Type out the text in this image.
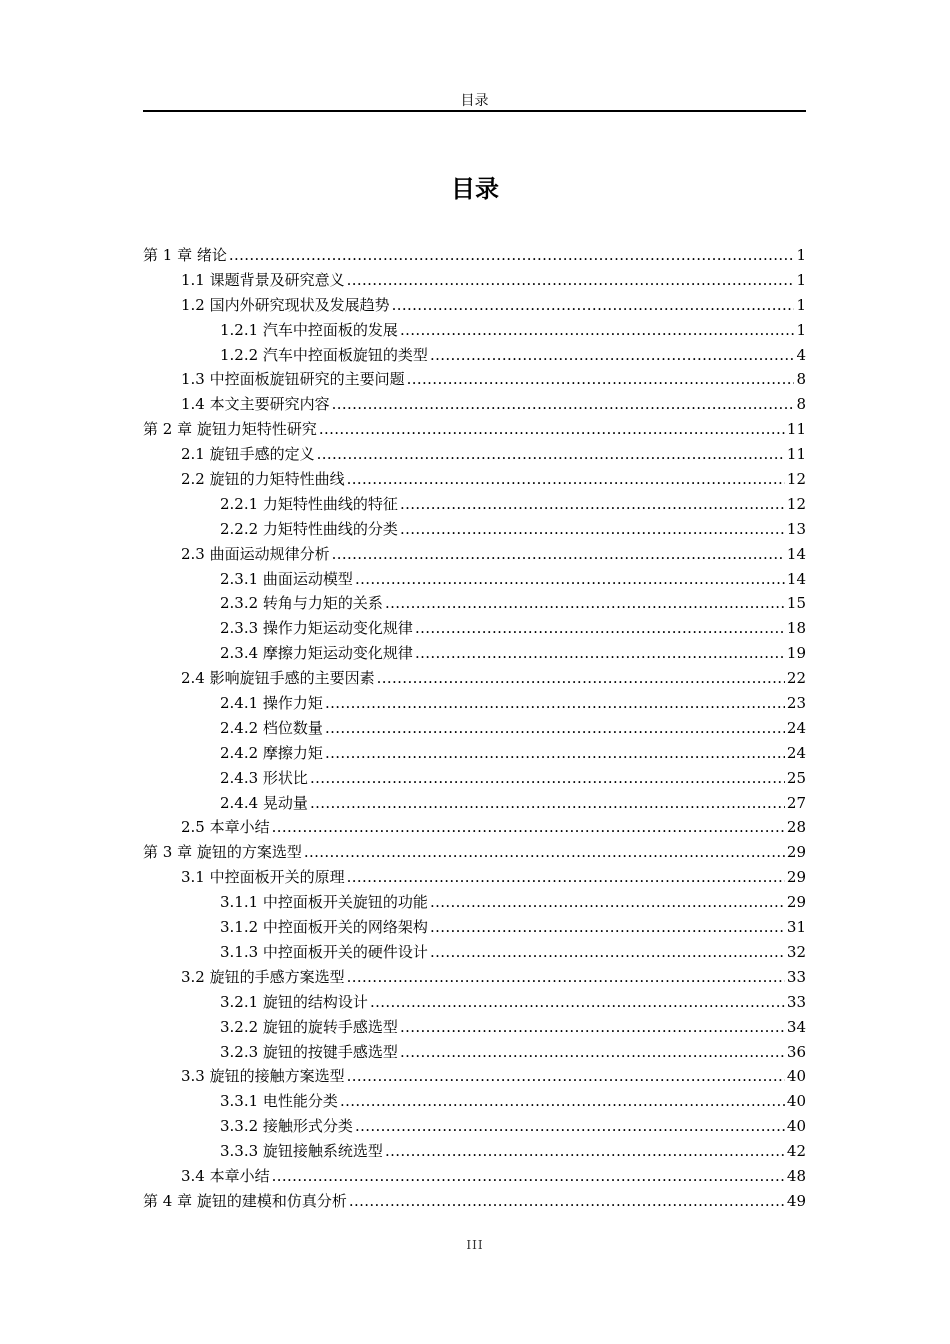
目录
目录
第 1 章 绪论 . . .	1
1.1 课题背景及研究意义 . . .	1
1.2 国内外研究现状及发展趋势 . . .	1
1.2.1 汽车中控面板的发展 . . .	1
1.2.2 汽车中控面板旋钮的类型 . . .	4
1.3 中控面板旋钮研究的主要问题 . . .	8
1.4 本文主要研究内容 . . .	8
第 2 章 旋钮力矩特性研究 . . .	11
2.1 旋钮手感的定义 . . .	11
2.2 旋钮的力矩特性曲线 . . .	12
2.2.1 力矩特性曲线的特征 . . .	12
2.2.2 力矩特性曲线的分类 . . .	13
2.3 曲面运动规律分析 . . .	14
2.3.1 曲面运动模型 . . .	14
2.3.2 转角与力矩的关系 . . .	15
2.3.3 操作力矩运动变化规律 . . .	18
2.3.4 摩擦力矩运动变化规律 . . .	19
2.4 影响旋钮手感的主要因素 . . .	22
2.4.1 操作力矩 . . .	23
2.4.2 档位数量 . . .	24
2.4.2 摩擦力矩 . . .	24
2.4.3 形状比 . . .	25
2.4.4 晃动量 . . .	27
2.5 本章小结 . . .	28
第 3 章 旋钮的方案选型 . . .	29
3.1 中控面板开关的原理 . . .	29
3.1.1 中控面板开关旋钮的功能 . . .	29
3.1.2 中控面板开关的网络架构 . . .	31
3.1.3 中控面板开关的硬件设计 . . .	32
3.2 旋钮的手感方案选型 . . .	33
3.2.1 旋钮的结构设计 . . .	33
3.2.2 旋钮的旋转手感选型 . . .	34
3.2.3 旋钮的按键手感选型 . . .	36
3.3 旋钮的接触方案选型 . . .	40
3.3.1 电性能分类 . . .	40
3.3.2 接触形式分类 . . .	40
3.3.3 旋钮接触系统选型 . . .	42
3.4 本章小结 . . .	48
第 4 章 旋钮的建模和仿真分析 . . .	49
III
